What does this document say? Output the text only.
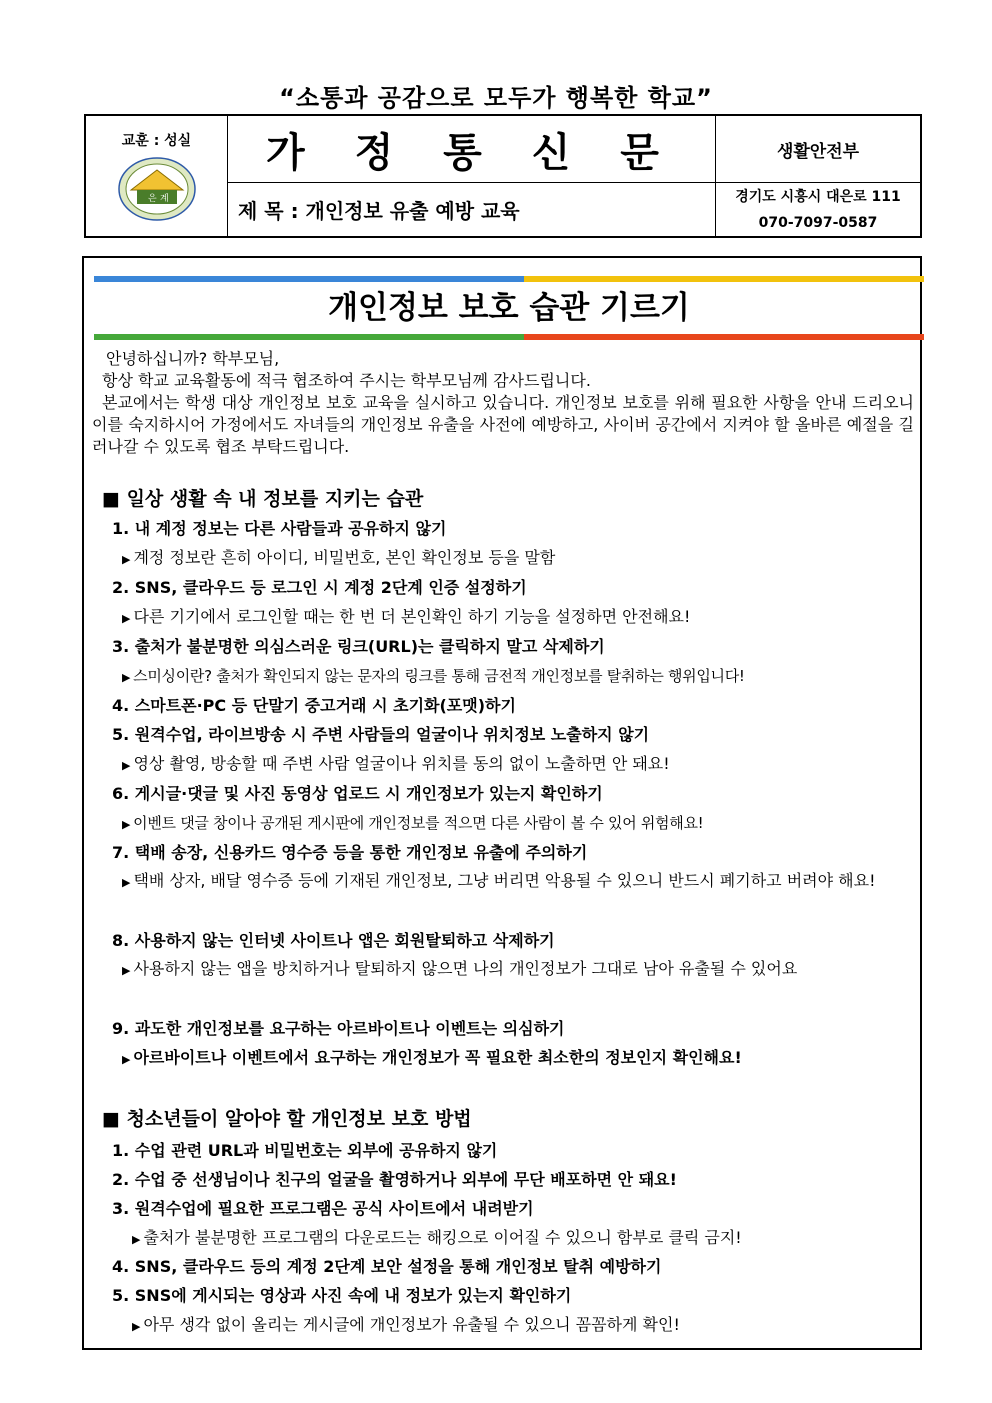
“소통과 공감으로 모두가 행복한 학교”
교훈 : 성실
은 계	가 정 통 신 문	생활안전부
	제 목 : 개인정보 유출 예방 교육	경기도 시흥시 대은로 111
070-7097-0587
개인정보 보호 습관 기르기

안녕하십니까? 학부모님,

항상 학교 교육활동에 적극 협조하여 주시는 학부모님께 감사드립니다.

본교에서는 학생 대상 개인정보 보호 교육을 실시하고 있습니다. 개인정보 보호를 위해 필요한 사항을 안내 드리오니 이를 숙지하시어 가정에서도 자녀들의 개인정보 유출을 사전에 예방하고, 사이버 공간에서 지켜야 할 올바른 예절을 길러나갈 수 있도록 협조 부탁드립니다.

■ 일상 생활 속 내 정보를 지키는 습관
1. 내 계정 정보는 다른 사람들과 공유하지 않기
▶ 계정 정보란 흔히 아이디, 비밀번호, 본인 확인정보 등을 말함
2. SNS, 클라우드 등 로그인 시 계정 2단계 인증 설정하기
▶ 다른 기기에서 로그인할 때는 한 번 더 본인확인 하기 기능을 설정하면 안전해요!
3. 출처가 불분명한 의심스러운 링크(URL)는 클릭하지 말고 삭제하기
▶ 스미싱이란? 출처가 확인되지 않는 문자의 링크를 통해 금전적 개인정보를 탈취하는 행위입니다!
4. 스마트폰·PC 등 단말기 중고거래 시 초기화(포맷)하기
5. 원격수업, 라이브방송 시 주변 사람들의 얼굴이나 위치정보 노출하지 않기
▶ 영상 촬영, 방송할 때 주변 사람 얼굴이나 위치를 동의 없이 노출하면 안 돼요!
6. 게시글·댓글 및 사진 동영상 업로드 시 개인정보가 있는지 확인하기
▶ 이벤트 댓글 창이나 공개된 게시판에 개인정보를 적으면 다른 사람이 볼 수 있어 위험해요!
7. 택배 송장, 신용카드 영수증 등을 통한 개인정보 유출에 주의하기
▶ 택배 상자, 배달 영수증 등에 기재된 개인정보, 그냥 버리면 악용될 수 있으니 반드시 폐기하고 버려야 해요!
8. 사용하지 않는 인터넷 사이트나 앱은 회원탈퇴하고 삭제하기
▶ 사용하지 않는 앱을 방치하거나 탈퇴하지 않으면 나의 개인정보가 그대로 남아 유출될 수 있어요
9. 과도한 개인정보를 요구하는 아르바이트나 이벤트는 의심하기
▶ 아르바이트나 이벤트에서 요구하는 개인정보가 꼭 필요한 최소한의 정보인지 확인해요!
■ 청소년들이 알아야 할 개인정보 보호 방법
1. 수업 관련 URL과 비밀번호는 외부에 공유하지 않기
2. 수업 중 선생님이나 친구의 얼굴을 촬영하거나 외부에 무단 배포하면 안 돼요!
3. 원격수업에 필요한 프로그램은 공식 사이트에서 내려받기
▶ 출처가 불분명한 프로그램의 다운로드는 해킹으로 이어질 수 있으니 함부로 클릭 금지!
4. SNS, 클라우드 등의 계정 2단계 보안 설정을 통해 개인정보 탈취 예방하기
5. SNS에 게시되는 영상과 사진 속에 내 정보가 있는지 확인하기
▶ 아무 생각 없이 올리는 게시글에 개인정보가 유출될 수 있으니 꼼꼼하게 확인!
